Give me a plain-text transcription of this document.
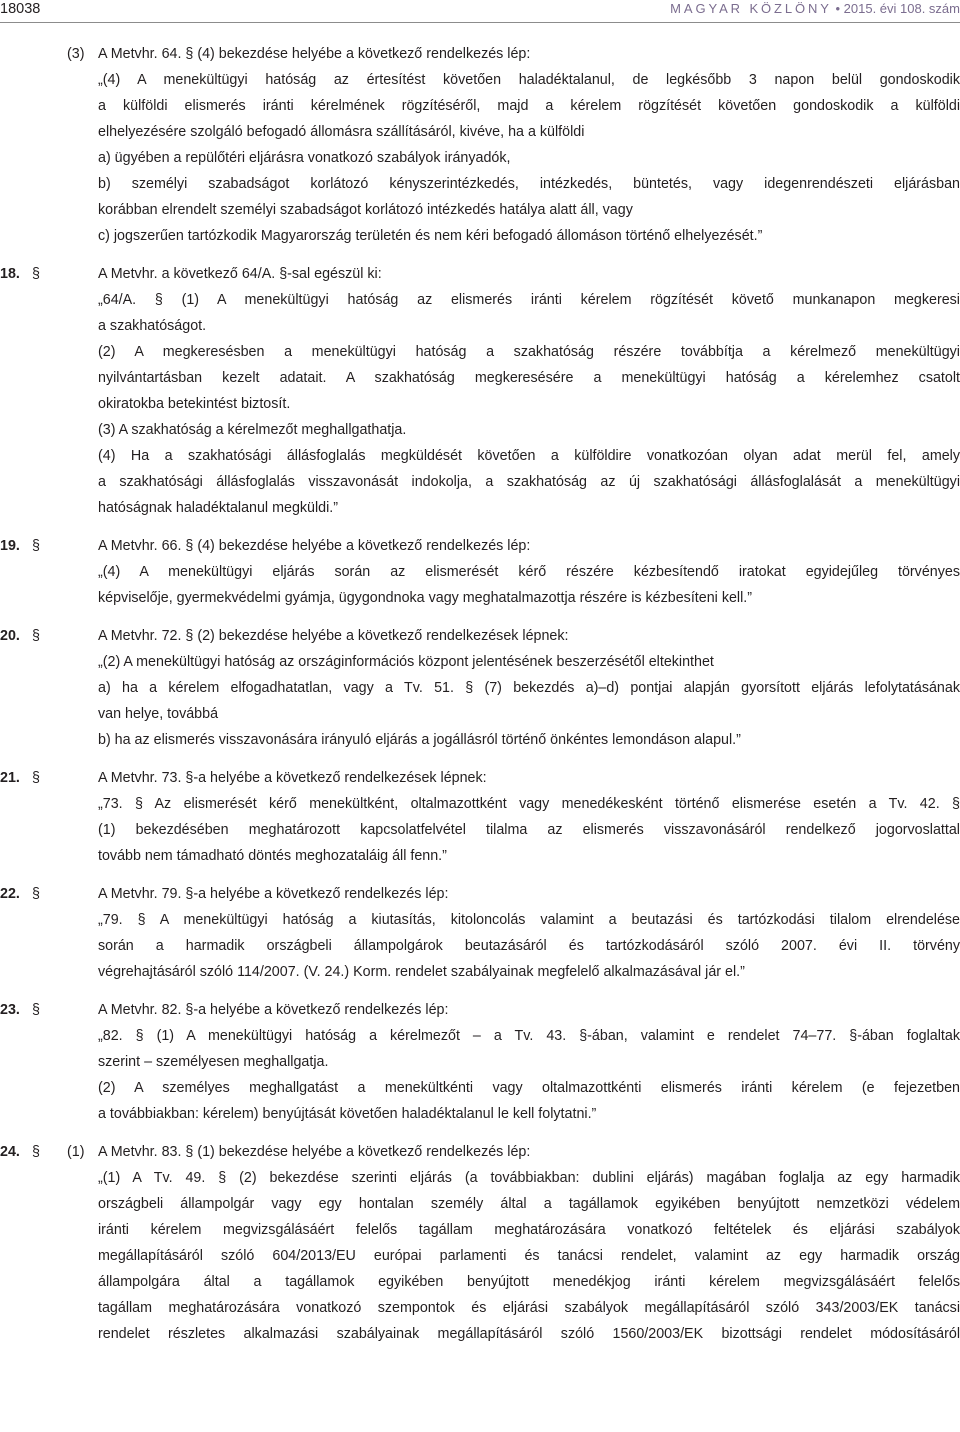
18038	MAGYAR KÖZLÖNY • 2015. évi 108. szám
(3) A Metvhr. 64. § (4) bekezdése helyébe a következő rendelkezés lép:
„(4) A menekültügyi hatóság az értesítést követően haladéktalanul, de legkésőbb 3 napon belül gondoskodik
a külföldi elismerés iránti kérelmének rögzítéséről, majd a kérelem rögzítését követően gondoskodik a külföldi
elhelyezésére szolgáló befogadó állomásra szállításáról, kivéve, ha a külföldi
a) ügyében a repülőtéri eljárásra vonatkozó szabályok irányadók,
b) személyi szabadságot korlátozó kényszerintézkedés, intézkedés, büntetés, vagy idegenrendészeti eljárásban
korábban elrendelt személyi szabadságot korlátozó intézkedés hatálya alatt áll, vagy
c) jogszerűen tartózkodik Magyarország területén és nem kéri befogadó állomáson történő elhelyezését.”
18. §	A Metvhr. a következő 64/A. §-sal egészül ki:
„64/A. § (1) A menekültügyi hatóság az elismerés iránti kérelem rögzítését követő munkanapon megkeresi
a szakhatóságot.
(2) A megkeresésben a menekültügyi hatóság a szakhatóság részére továbbítja a kérelmező menekültügyi
nyilvántartásban kezelt adatait. A szakhatóság megkeresésére a menekültügyi hatóság a kérelemhez csatolt
okiratokba betekintést biztosít.
(3) A szakhatóság a kérelmezőt meghallgathatja.
(4) Ha a szakhatósági állásfoglalás megküldését követően a külföldire vonatkozóan olyan adat merül fel, amely
a szakhatósági állásfoglalás visszavonását indokolja, a szakhatóság az új szakhatósági állásfoglalását a menekültügyi
hatóságnak haladéktalanul megküldi.”
19. §	A Metvhr. 66. § (4) bekezdése helyébe a következő rendelkezés lép:
„(4) A menekültügyi eljárás során az elismerését kérő részére kézbesítendő iratokat egyidejűleg törvényes
képviselője, gyermekvédelmi gyámja, ügygondnoka vagy meghatalmazottja részére is kézbesíteni kell.”
20. §	A Metvhr. 72. § (2) bekezdése helyébe a következő rendelkezések lépnek:
„(2) A menekültügyi hatóság az országinformációs központ jelentésének beszerzésétől eltekinthet
a) ha a kérelem elfogadhatatlan, vagy a Tv. 51. § (7) bekezdés a)–d) pontjai alapján gyorsított eljárás lefolytatásának
van helye, továbbá
b) ha az elismerés visszavonására irányuló eljárás a jogállásról történő önkéntes lemondáson alapul.”
21. §	A Metvhr. 73. §-a helyébe a következő rendelkezések lépnek:
„73. § Az elismerését kérő menekültként, oltalmazottként vagy menedékesként történő elismerése esetén a Tv. 42. §
(1) bekezdésében meghatározott kapcsolatfelvétel tilalma az elismerés visszavonásáról rendelkező jogorvoslattal
tovább nem támadható döntés meghozataláig áll fenn.”
22. §	A Metvhr. 79. §-a helyébe a következő rendelkezés lép:
„79. § A menekültügyi hatóság a kiutasítás, kitoloncolás valamint a beutazási és tartózkodási tilalom elrendelése
során a harmadik országbeli állampolgárok beutazásáról és tartózkodásáról szóló 2007. évi II. törvény
végrehajtásáról szóló 114/2007. (V. 24.) Korm. rendelet szabályainak megfelelő alkalmazásával jár el.”
23. §	A Metvhr. 82. §-a helyébe a következő rendelkezés lép:
„82. § (1) A menekültügyi hatóság a kérelmezőt – a Tv. 43. §-ában, valamint e rendelet 74–77. §-ában foglaltak
szerint – személyesen meghallgatja.
(2) A személyes meghallgatást a menekültkénti vagy oltalmazottkénti elismerés iránti kérelem (e fejezetben
a továbbiakban: kérelem) benyújtását követően haladéktalanul le kell folytatni.”
24. § (1) A Metvhr. 83. § (1) bekezdése helyébe a következő rendelkezés lép:
„(1) A Tv. 49. § (2) bekezdése szerinti eljárás (a továbbiakban: dublini eljárás) magában foglalja az egy harmadik
országbeli állampolgár vagy egy hontalan személy által a tagállamok egyikében benyújtott nemzetközi védelem
iránti kérelem megvizsgálásáért felelős tagállam meghatározására vonatkozó feltételek és eljárási szabályok
megállapításáról szóló 604/2013/EU európai parlamenti és tanácsi rendelet, valamint az egy harmadik ország
állampolgára által a tagállamok egyikében benyújtott menedékjog iránti kérelem megvizsgálásáért felelős
tagállam meghatározására vonatkozó szempontok és eljárási szabályok megállapításáról szóló 343/2003/EK tanácsi
rendelet részletes alkalmazási szabályainak megállapításáról szóló 1560/2003/EK bizottsági rendelet módosításáról
